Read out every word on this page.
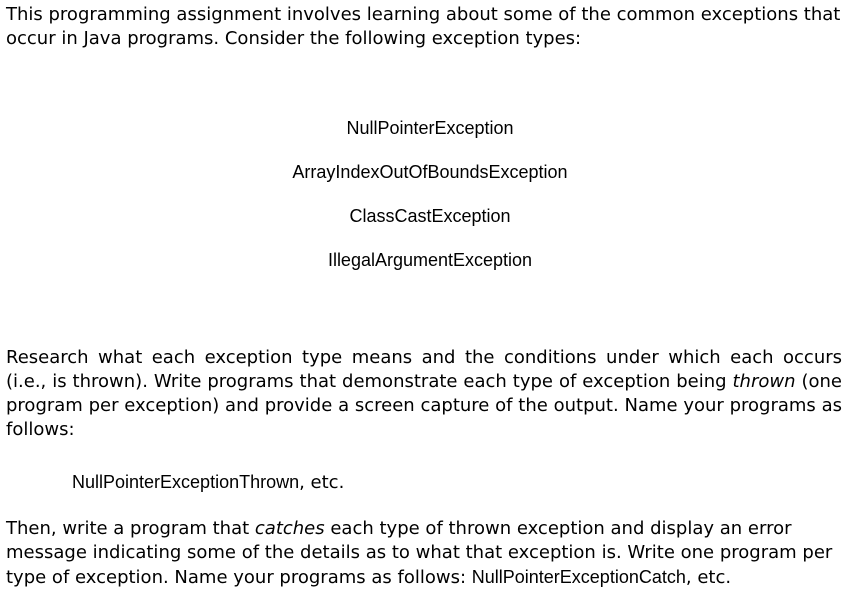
This programming assignment involves learning about some of the common exceptions that occur in Java programs. Consider the following exception types:

NullPointerException
ArrayIndexOutOfBoundsException
ClassCastException
IllegalArgumentException

Research what each exception type means and the conditions under which each occurs (i.e., is thrown). Write programs that demonstrate each type of exception being thrown (one program per exception) and provide a screen capture of the output. Name your programs as follows:

NullPointerExceptionThrown, etc.

Then, write a program that catches each type of thrown exception and display an error message indicating some of the details as to what that exception is. Write one program per type of exception. Name your programs as follows: NullPointerExceptionCatch, etc.
